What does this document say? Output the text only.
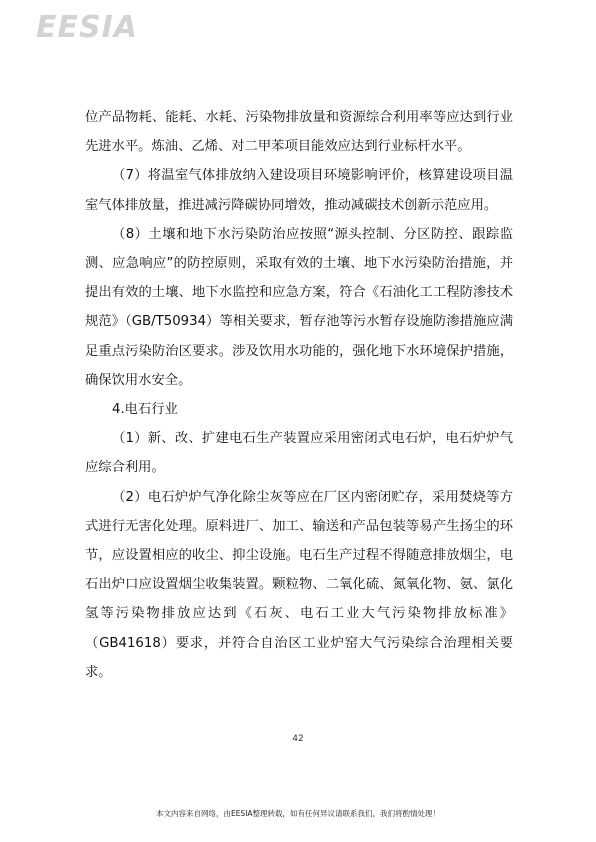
EESIA

位产品物耗、能耗、水耗、污染物排放量和资源综合利用率等应达到行业先进水平。炼油、乙烯、对二甲苯项目能效应达到行业标杆水平。

（7）将温室气体排放纳入建设项目环境影响评价，核算建设项目温室气体排放量，推进减污降碳协同增效，推动减碳技术创新示范应用。

（8）土壤和地下水污染防治应按照“源头控制、分区防控、跟踪监测、应急响应”的防控原则，采取有效的土壤、地下水污染防治措施，并提出有效的土壤、地下水监控和应急方案，符合《石油化工工程防渗技术规范》（GB/T50934）等相关要求，暂存池等污水暂存设施防渗措施应满足重点污染防治区要求。涉及饮用水功能的，强化地下水环境保护措施，确保饮用水安全。

4.电石行业

（1）新、改、扩建电石生产装置应采用密闭式电石炉，电石炉炉气应综合利用。

（2）电石炉炉气净化除尘灰等应在厂区内密闭贮存，采用焚烧等方式进行无害化处理。原料进厂、加工、输送和产品包装等易产生扬尘的环节，应设置相应的收尘、抑尘设施。电石生产过程不得随意排放烟尘，电石出炉口应设置烟尘收集装置。颗粒物、二氧化硫、氮氧化物、氨、氯化氢等污染物排放应达到《石灰、电石工业大气污染物排放标准》（GB41618）要求，并符合自治区工业炉窑大气污染综合治理相关要求。

42
本文内容来自网络，由EESIA整理转载，如有任何异议请联系我们，我们将酌情处理！
